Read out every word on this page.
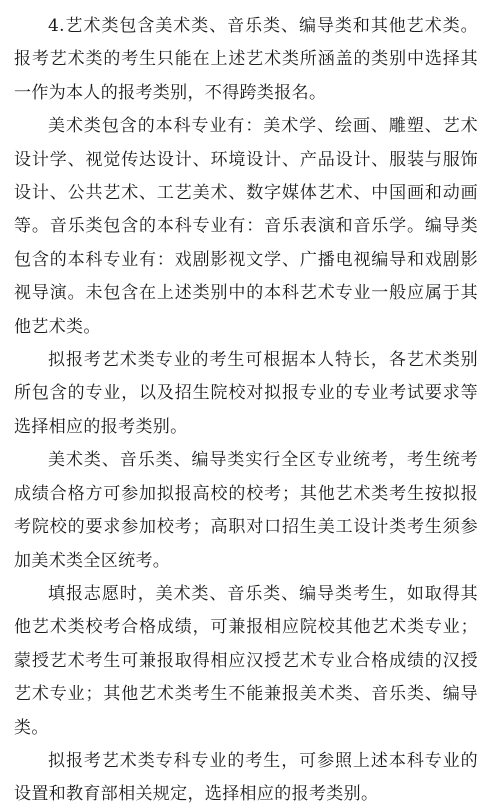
4.艺术类包含美术类、音乐类、编导类和其他艺术类。报考艺术类的考生只能在上述艺术类所涵盖的类别中选择其一作为本人的报考类别，不得跨类报名。

美术类包含的本科专业有：美术学、绘画、雕塑、艺术设计学、视觉传达设计、环境设计、产品设计、服装与服饰设计、公共艺术、工艺美术、数字媒体艺术、中国画和动画等。音乐类包含的本科专业有：音乐表演和音乐学。编导类包含的本科专业有：戏剧影视文学、广播电视编导和戏剧影视导演。未包含在上述类别中的本科艺术专业一般应属于其他艺术类。

拟报考艺术类专业的考生可根据本人特长，各艺术类别所包含的专业，以及招生院校对拟报专业的专业考试要求等选择相应的报考类别。

美术类、音乐类、编导类实行全区专业统考，考生统考成绩合格方可参加拟报高校的校考；其他艺术类考生按拟报考院校的要求参加校考；高职对口招生美工设计类考生须参加美术类全区统考。

填报志愿时，美术类、音乐类、编导类考生，如取得其他艺术类校考合格成绩，可兼报相应院校其他艺术类专业；蒙授艺术考生可兼报取得相应汉授艺术专业合格成绩的汉授艺术专业；其他艺术类考生不能兼报美术类、音乐类、编导类。

拟报考艺术类专科专业的考生，可参照上述本科专业的设置和教育部相关规定，选择相应的报考类别。
